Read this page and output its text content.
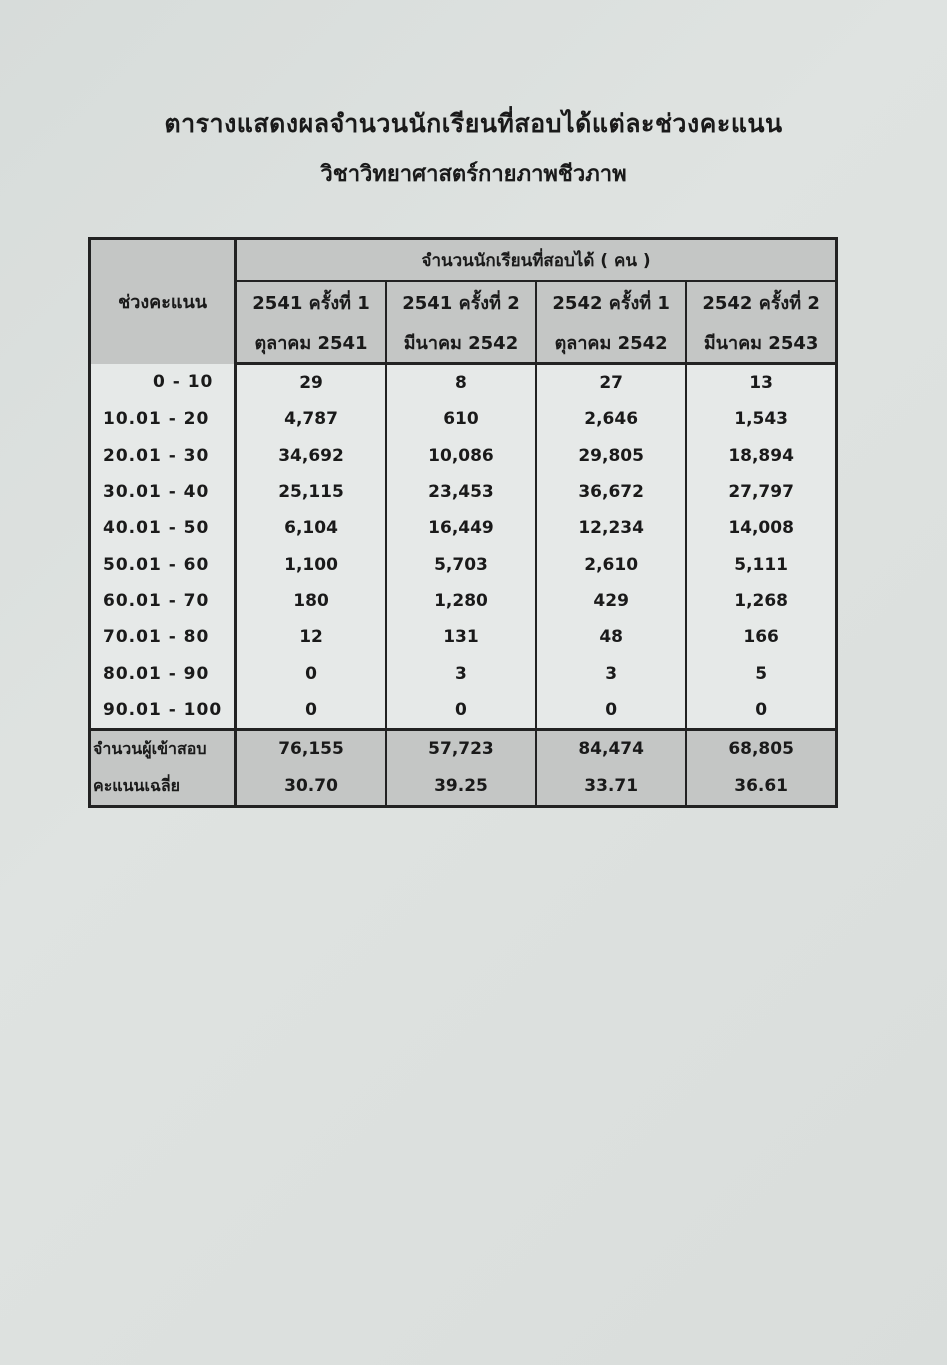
ตารางแสดงผลจำนวนนักเรียนที่สอบได้แต่ละช่วงคะแนน
วิชาวิทยาศาสตร์กายภาพชีวภาพ
ช่วงคะแนน	จำนวนนักเรียนที่สอบได้ ( คน )			
	2541 ครั้งที่ 1	2541 ครั้งที่ 2	2542 ครั้งที่ 1	2542 ครั้งที่ 2
	ตุลาคม 2541	มีนาคม 2542	ตุลาคม 2542	มีนาคม 2543
0 - 10	29	8	27	13
10.01 - 20	4,787	610	2,646	1,543
20.01 - 30	34,692	10,086	29,805	18,894
30.01 - 40	25,115	23,453	36,672	27,797
40.01 - 50	6,104	16,449	12,234	14,008
50.01 - 60	1,100	5,703	2,610	5,111
60.01 - 70	180	1,280	429	1,268
70.01 - 80	12	131	48	166
80.01 - 90	0	3	3	5
90.01 - 100	0	0	0	0
จำนวนผู้เข้าสอบ	76,155	57,723	84,474	68,805
คะแนนเฉลี่ย	30.70	39.25	33.71	36.61
